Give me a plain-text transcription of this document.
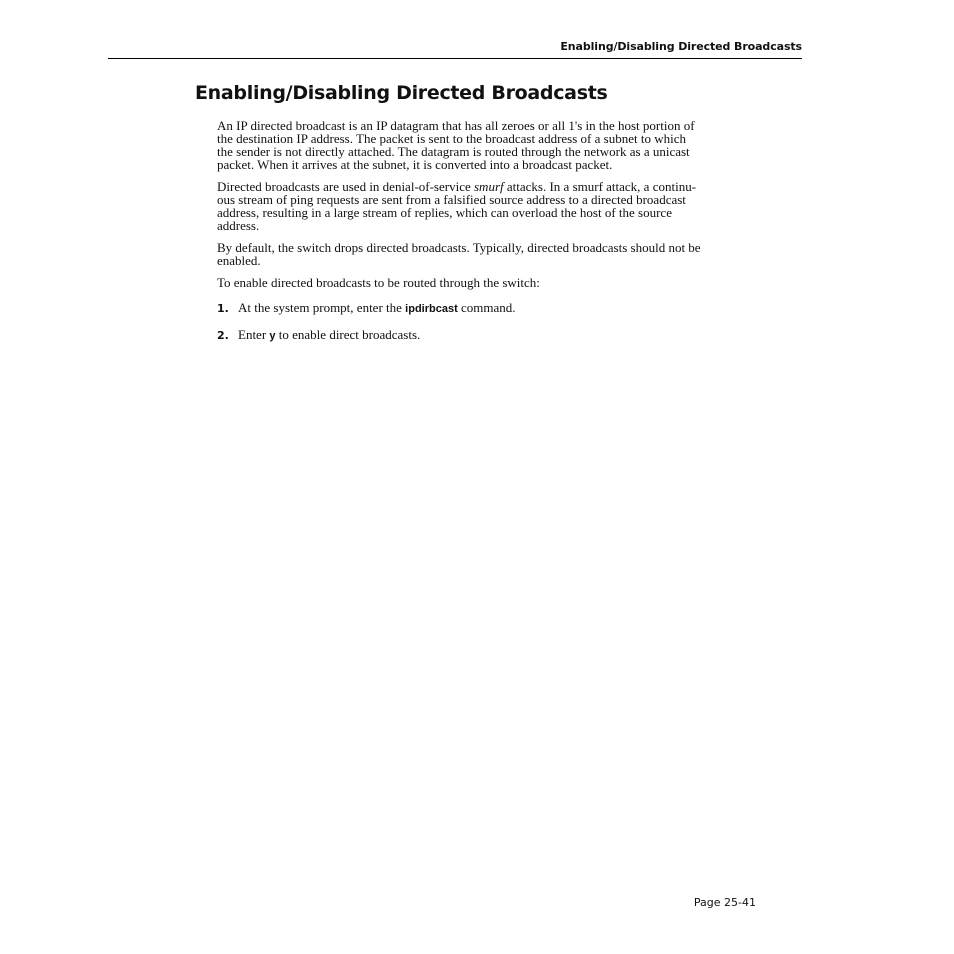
Enabling/Disabling Directed Broadcasts
Enabling/Disabling Directed Broadcasts

An IP directed broadcast is an IP datagram that has all zeroes or all 1's in the host portion of
the destination IP address. The packet is sent to the broadcast address of a subnet to which
the sender is not directly attached. The datagram is routed through the network as a unicast
packet. When it arrives at the subnet, it is converted into a broadcast packet.

Directed broadcasts are used in denial-of-service smurf attacks. In a smurf attack, a continu-
ous stream of ping requests are sent from a falsified source address to a directed broadcast
address, resulting in a large stream of replies, which can overload the host of the source
address.

By default, the switch drops directed broadcasts. Typically, directed broadcasts should not be
enabled.

To enable directed broadcasts to be routed through the switch:

1. At the system prompt, enter the ipdirbcast command.
2. Enter y to enable direct broadcasts.
Page 25-41
